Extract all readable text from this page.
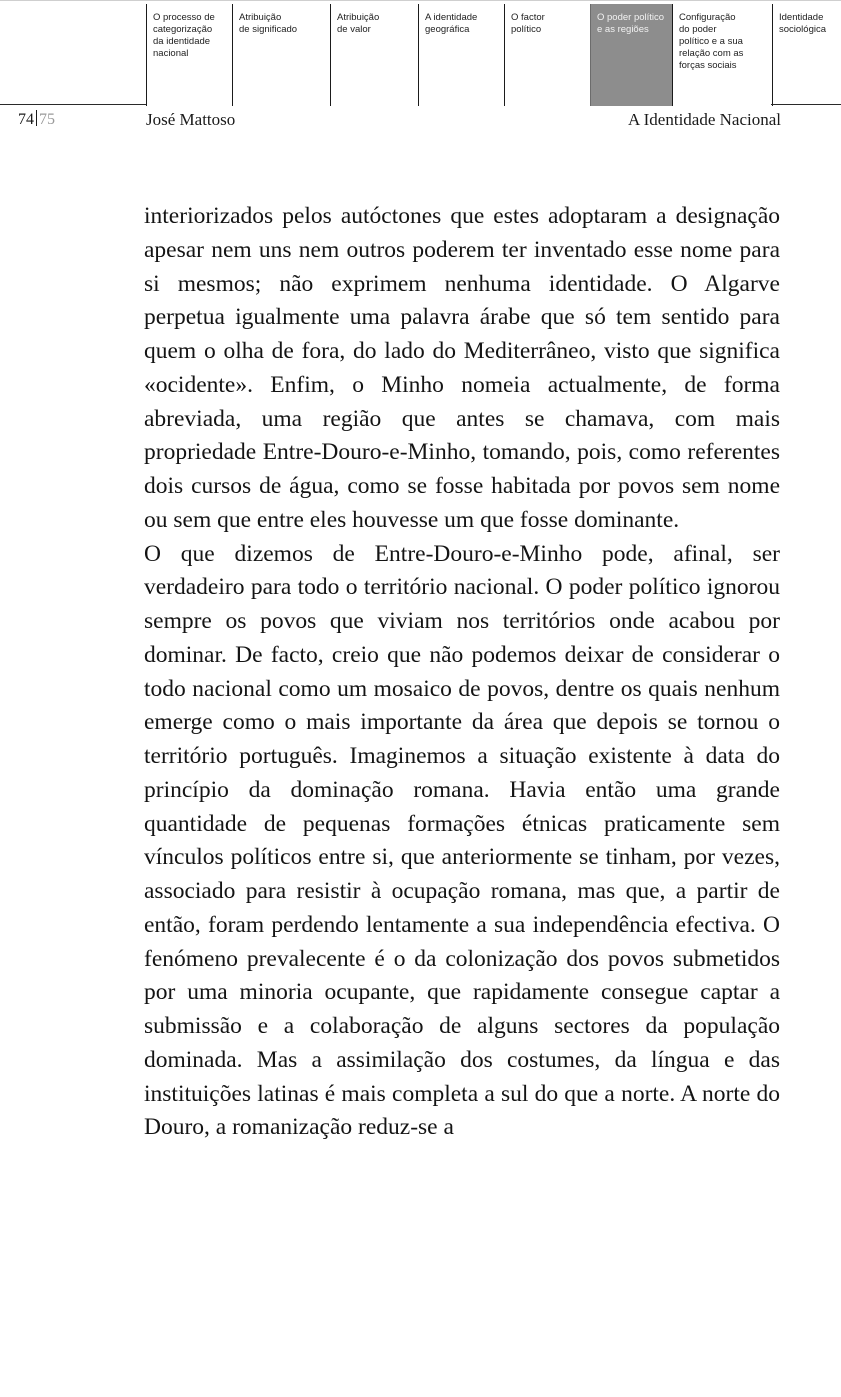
O processo de
categorização
da identidade
nacional
Atribuição
de significado
Atribuição
de valor
A identidade
geográfica
O factor
político
O poder político
e as regiões
Configuração
do poder
político e a sua
relação com as
forças sociais
Identidade
sociológica
74 75	José Mattoso	A Identidade Nacional

interiorizados pelos autóctones que estes adoptaram a designação apesar nem uns nem outros poderem ter inventado esse nome para si mesmos; não exprimem nenhuma identidade. O Algarve perpetua igualmente uma palavra árabe que só tem sentido para quem o olha de fora, do lado do Mediterrâneo, visto que significa «ocidente». Enfim, o Minho nomeia actualmente, de forma abreviada, uma região que antes se chamava, com mais propriedade Entre-Douro-e-Minho, tomando, pois, como referentes dois cursos de água, como se fosse habitada por povos sem nome ou sem que entre eles houvesse um que fosse dominante.

O que dizemos de Entre-Douro-e-Minho pode, afinal, ser verdadeiro para todo o território nacional. O poder político ignorou sempre os povos que viviam nos territórios onde acabou por dominar. De facto, creio que não podemos deixar de considerar o todo nacional como um mosaico de povos, dentre os quais nenhum emerge como o mais importante da área que depois se tornou o território português. Imaginemos a situação existente à data do princípio da dominação romana. Havia então uma grande quantidade de pequenas formações étnicas praticamente sem vínculos políticos entre si, que anteriormente se tinham, por vezes, associado para resistir à ocupação romana, mas que, a partir de então, foram perdendo lentamente a sua independência efectiva. O fenómeno prevalecente é o da colonização dos povos submetidos por uma minoria ocupante, que rapidamente consegue captar a submissão e a colaboração de alguns sectores da população dominada. Mas a assimilação dos costumes, da língua e das instituições latinas é mais completa a sul do que a norte. A norte do Douro, a romanização reduz-se a
